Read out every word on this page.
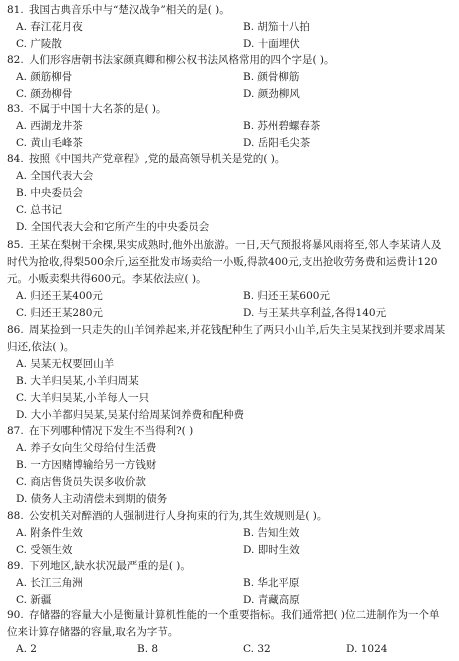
81. 我国古典音乐中与“楚汉战争”相关的是( )。
A. 春江花月夜	B. 胡笳十八拍
C. 广陵散	D. 十面埋伏
82. 人们形容唐朝书法家颜真卿和柳公权书法风格常用的四个字是( )。
A. 颜筋柳骨	B. 颜骨柳筋
C. 颜劲柳骨	D. 颜劲柳风
83. 不属于中国十大名茶的是( )。
A. 西湖龙井茶	B. 苏州碧螺春茶
C. 黄山毛峰茶	D. 岳阳毛尖茶
84. 按照《中国共产党章程》,党的最高领导机关是党的( )。
A. 全国代表大会
B. 中央委员会
C. 总书记
D. 全国代表大会和它所产生的中央委员会
85. 王某在梨树干余棵,果实成熟时,他外出旅游。一日,天气预报将暴风雨将至,邻人李某请人及时代为抢收,得梨500余斤,运至批发市场卖给一小贩,得款400元,支出抢收劳务费和运费计120元。小贩卖梨共得600元。李某依法应( )。
A. 归还王某400元	B. 归还王某600元
C. 归还王某280元	D. 与王某共享利益,各得140元
86. 周某捡到一只走失的山羊饲养起来,并花钱配种生了两只小山羊,后失主吴某找到并要求周某归还,依法( )。
A. 吴某无权要回山羊
B. 大羊归吴某,小羊归周某
C. 大羊归吴某,小羊每人一只
D. 大小羊都归吴某,吴某付给周某饲养费和配种费
87. 在下列哪种情况下发生不当得利?( )
A. 养子女向生父母给付生活费
B. 一方因赌博输给另一方钱财
C. 商店售货员失误多收价款
D. 债务人主动清偿未到期的债务
88. 公安机关对醉酒的人强制进行人身拘束的行为,其生效规则是( )。
A. 附条件生效	B. 告知生效
C. 受领生效	D. 即时生效
89. 下列地区,缺水状况最严重的是( )。
A. 长江三角洲	B. 华北平原
C. 新疆	D. 青藏高原
90. 存储器的容量大小是衡量计算机性能的一个重要指标。我们通常把( )位二进制作为一个单位来计算存储器的容量,取名为字节。
A. 2	B. 8	C. 32	D. 1024
